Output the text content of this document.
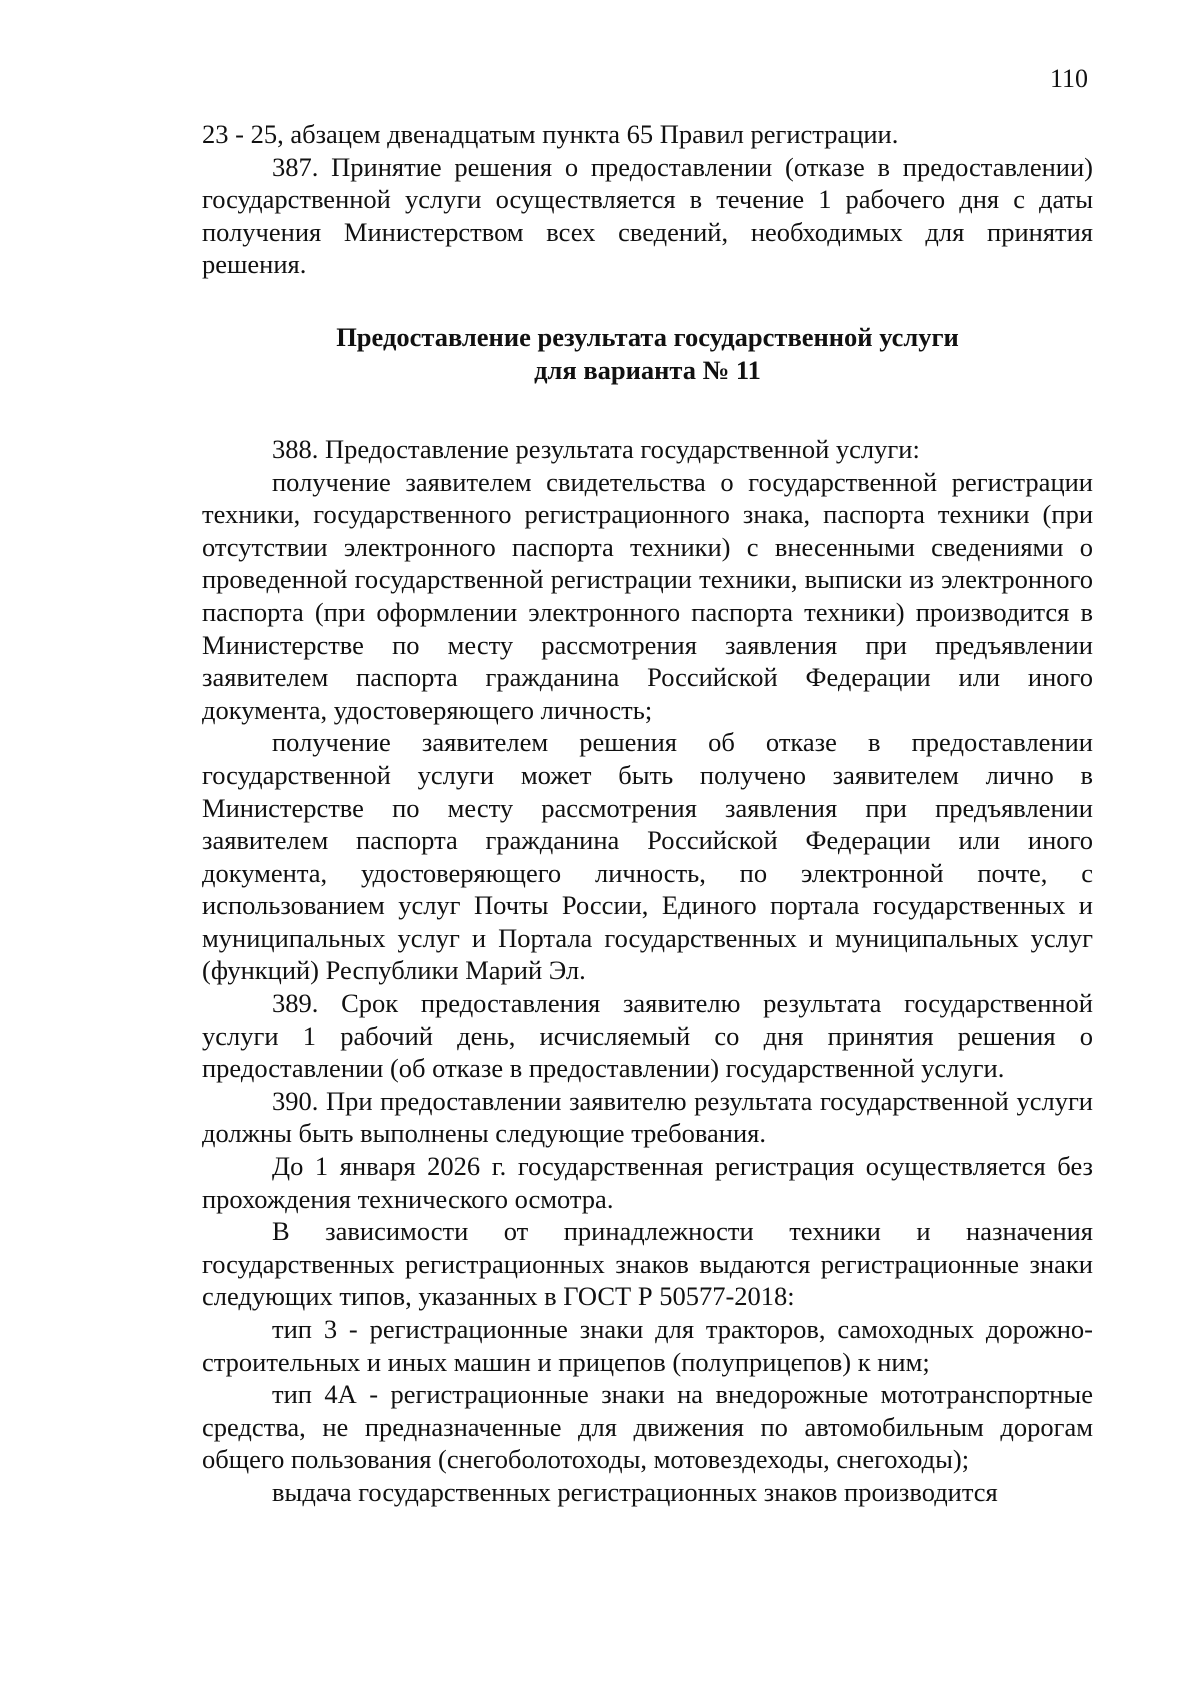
110

23 - 25, абзацем двенадцатым пункта 65 Правил регистрации.

387. Принятие решения о предоставлении (отказе в предоставлении) государственной услуги осуществляется в течение 1 рабочего дня с даты получения Министерством всех сведений, необходимых для принятия решения.

Предоставление результата государственной услуги
для варианта № 11

388. Предоставление результата государственной услуги:

получение заявителем свидетельства о государственной регистрации техники, государственного регистрационного знака, паспорта техники (при отсутствии электронного паспорта техники) с внесенными сведениями о проведенной государственной регистрации техники, выписки из электронного паспорта (при оформлении электронного паспорта техники) производится в Министерстве по месту рассмотрения заявления при предъявлении заявителем паспорта гражданина Российской Федерации или иного документа, удостоверяющего личность;

получение заявителем решения об отказе в предоставлении государственной услуги может быть получено заявителем лично в Министерстве по месту рассмотрения заявления при предъявлении заявителем паспорта гражданина Российской Федерации или иного документа, удостоверяющего личность, по электронной почте, с использованием услуг Почты России, Единого портала государственных и муниципальных услуг и Портала государственных и муниципальных услуг (функций) Республики Марий Эл.

389. Срок предоставления заявителю результата государственной услуги 1 рабочий день, исчисляемый со дня принятия решения о предоставлении (об отказе в предоставлении) государственной услуги.

390. При предоставлении заявителю результата государственной услуги должны быть выполнены следующие требования.

До 1 января 2026 г. государственная регистрация осуществляется без прохождения технического осмотра.

В зависимости от принадлежности техники и назначения государственных регистрационных знаков выдаются регистрационные знаки следующих типов, указанных в ГОСТ Р 50577-2018:

тип 3 - регистрационные знаки для тракторов, самоходных дорожно-строительных и иных машин и прицепов (полуприцепов) к ним;

тип 4А - регистрационные знаки на внедорожные мототранспортные средства, не предназначенные для движения по автомобильным дорогам общего пользования (снегоболотоходы, мотовездеходы, снегоходы);

выдача государственных регистрационных знаков производится
